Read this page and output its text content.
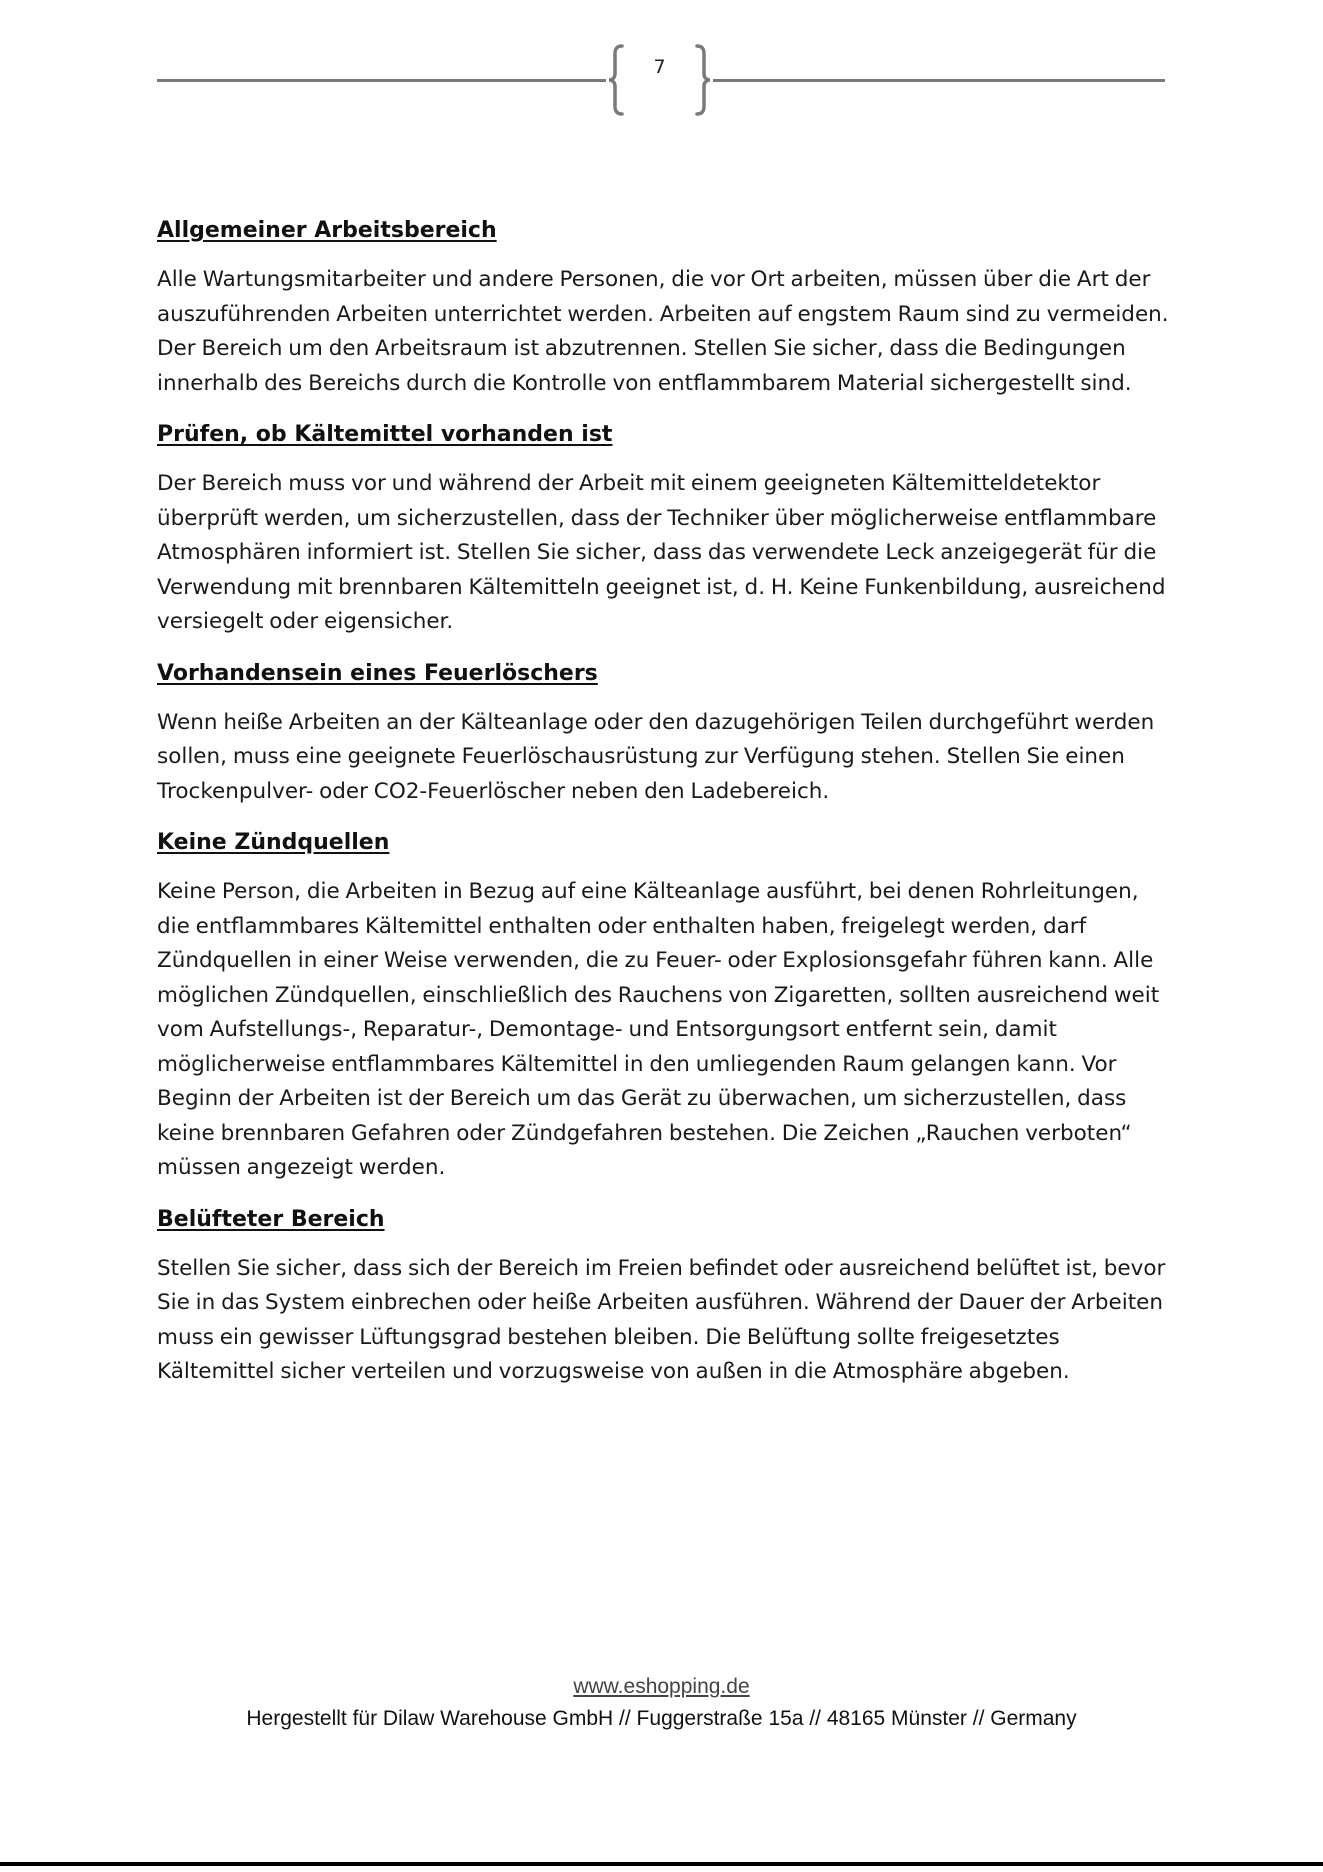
7
Allgemeiner Arbeitsbereich

Alle Wartungsmitarbeiter und andere Personen, die vor Ort arbeiten, müssen über die Art der auszuführenden Arbeiten unterrichtet werden. Arbeiten auf engstem Raum sind zu vermeiden. Der Bereich um den Arbeitsraum ist abzutrennen. Stellen Sie sicher, dass die Bedingungen innerhalb des Bereichs durch die Kontrolle von entflammbarem Material sichergestellt sind.

Prüfen, ob Kältemittel vorhanden ist

Der Bereich muss vor und während der Arbeit mit einem geeigneten Kältemitteldetektor überprüft werden, um sicherzustellen, dass der Techniker über möglicherweise entflammbare Atmosphären informiert ist. Stellen Sie sicher, dass das verwendete Leck anzeigegerät für die Verwendung mit brennbaren Kältemitteln geeignet ist, d. H. Keine Funkenbildung, ausreichend versiegelt oder eigensicher.

Vorhandensein eines Feuerlöschers

Wenn heiße Arbeiten an der Kälteanlage oder den dazugehörigen Teilen durchgeführt werden sollen, muss eine geeignete Feuerlöschausrüstung zur Verfügung stehen. Stellen Sie einen Trockenpulver- oder CO2-Feuerlöscher neben den Ladebereich.

Keine Zündquellen

Keine Person, die Arbeiten in Bezug auf eine Kälteanlage ausführt, bei denen Rohrleitungen, die entflammbares Kältemittel enthalten oder enthalten haben, freigelegt werden, darf Zündquellen in einer Weise verwenden, die zu Feuer- oder Explosionsgefahr führen kann. Alle möglichen Zündquellen, einschließlich des Rauchens von Zigaretten, sollten ausreichend weit vom Aufstellungs-, Reparatur-, Demontage- und Entsorgungsort entfernt sein, damit möglicherweise entflammbares Kältemittel in den umliegenden Raum gelangen kann. Vor Beginn der Arbeiten ist der Bereich um das Gerät zu überwachen, um sicherzustellen, dass keine brennbaren Gefahren oder Zündgefahren bestehen. Die Zeichen „Rauchen verboten“ müssen angezeigt werden.

Belüfteter Bereich

Stellen Sie sicher, dass sich der Bereich im Freien befindet oder ausreichend belüftet ist, bevor Sie in das System einbrechen oder heiße Arbeiten ausführen. Während der Dauer der Arbeiten muss ein gewisser Lüftungsgrad bestehen bleiben. Die Belüftung sollte freigesetztes Kältemittel sicher verteilen und vorzugsweise von außen in die Atmosphäre abgeben.

www.eshopping.de
Hergestellt für Dilaw Warehouse GmbH // Fuggerstraße 15a // 48165 Münster // Germany
